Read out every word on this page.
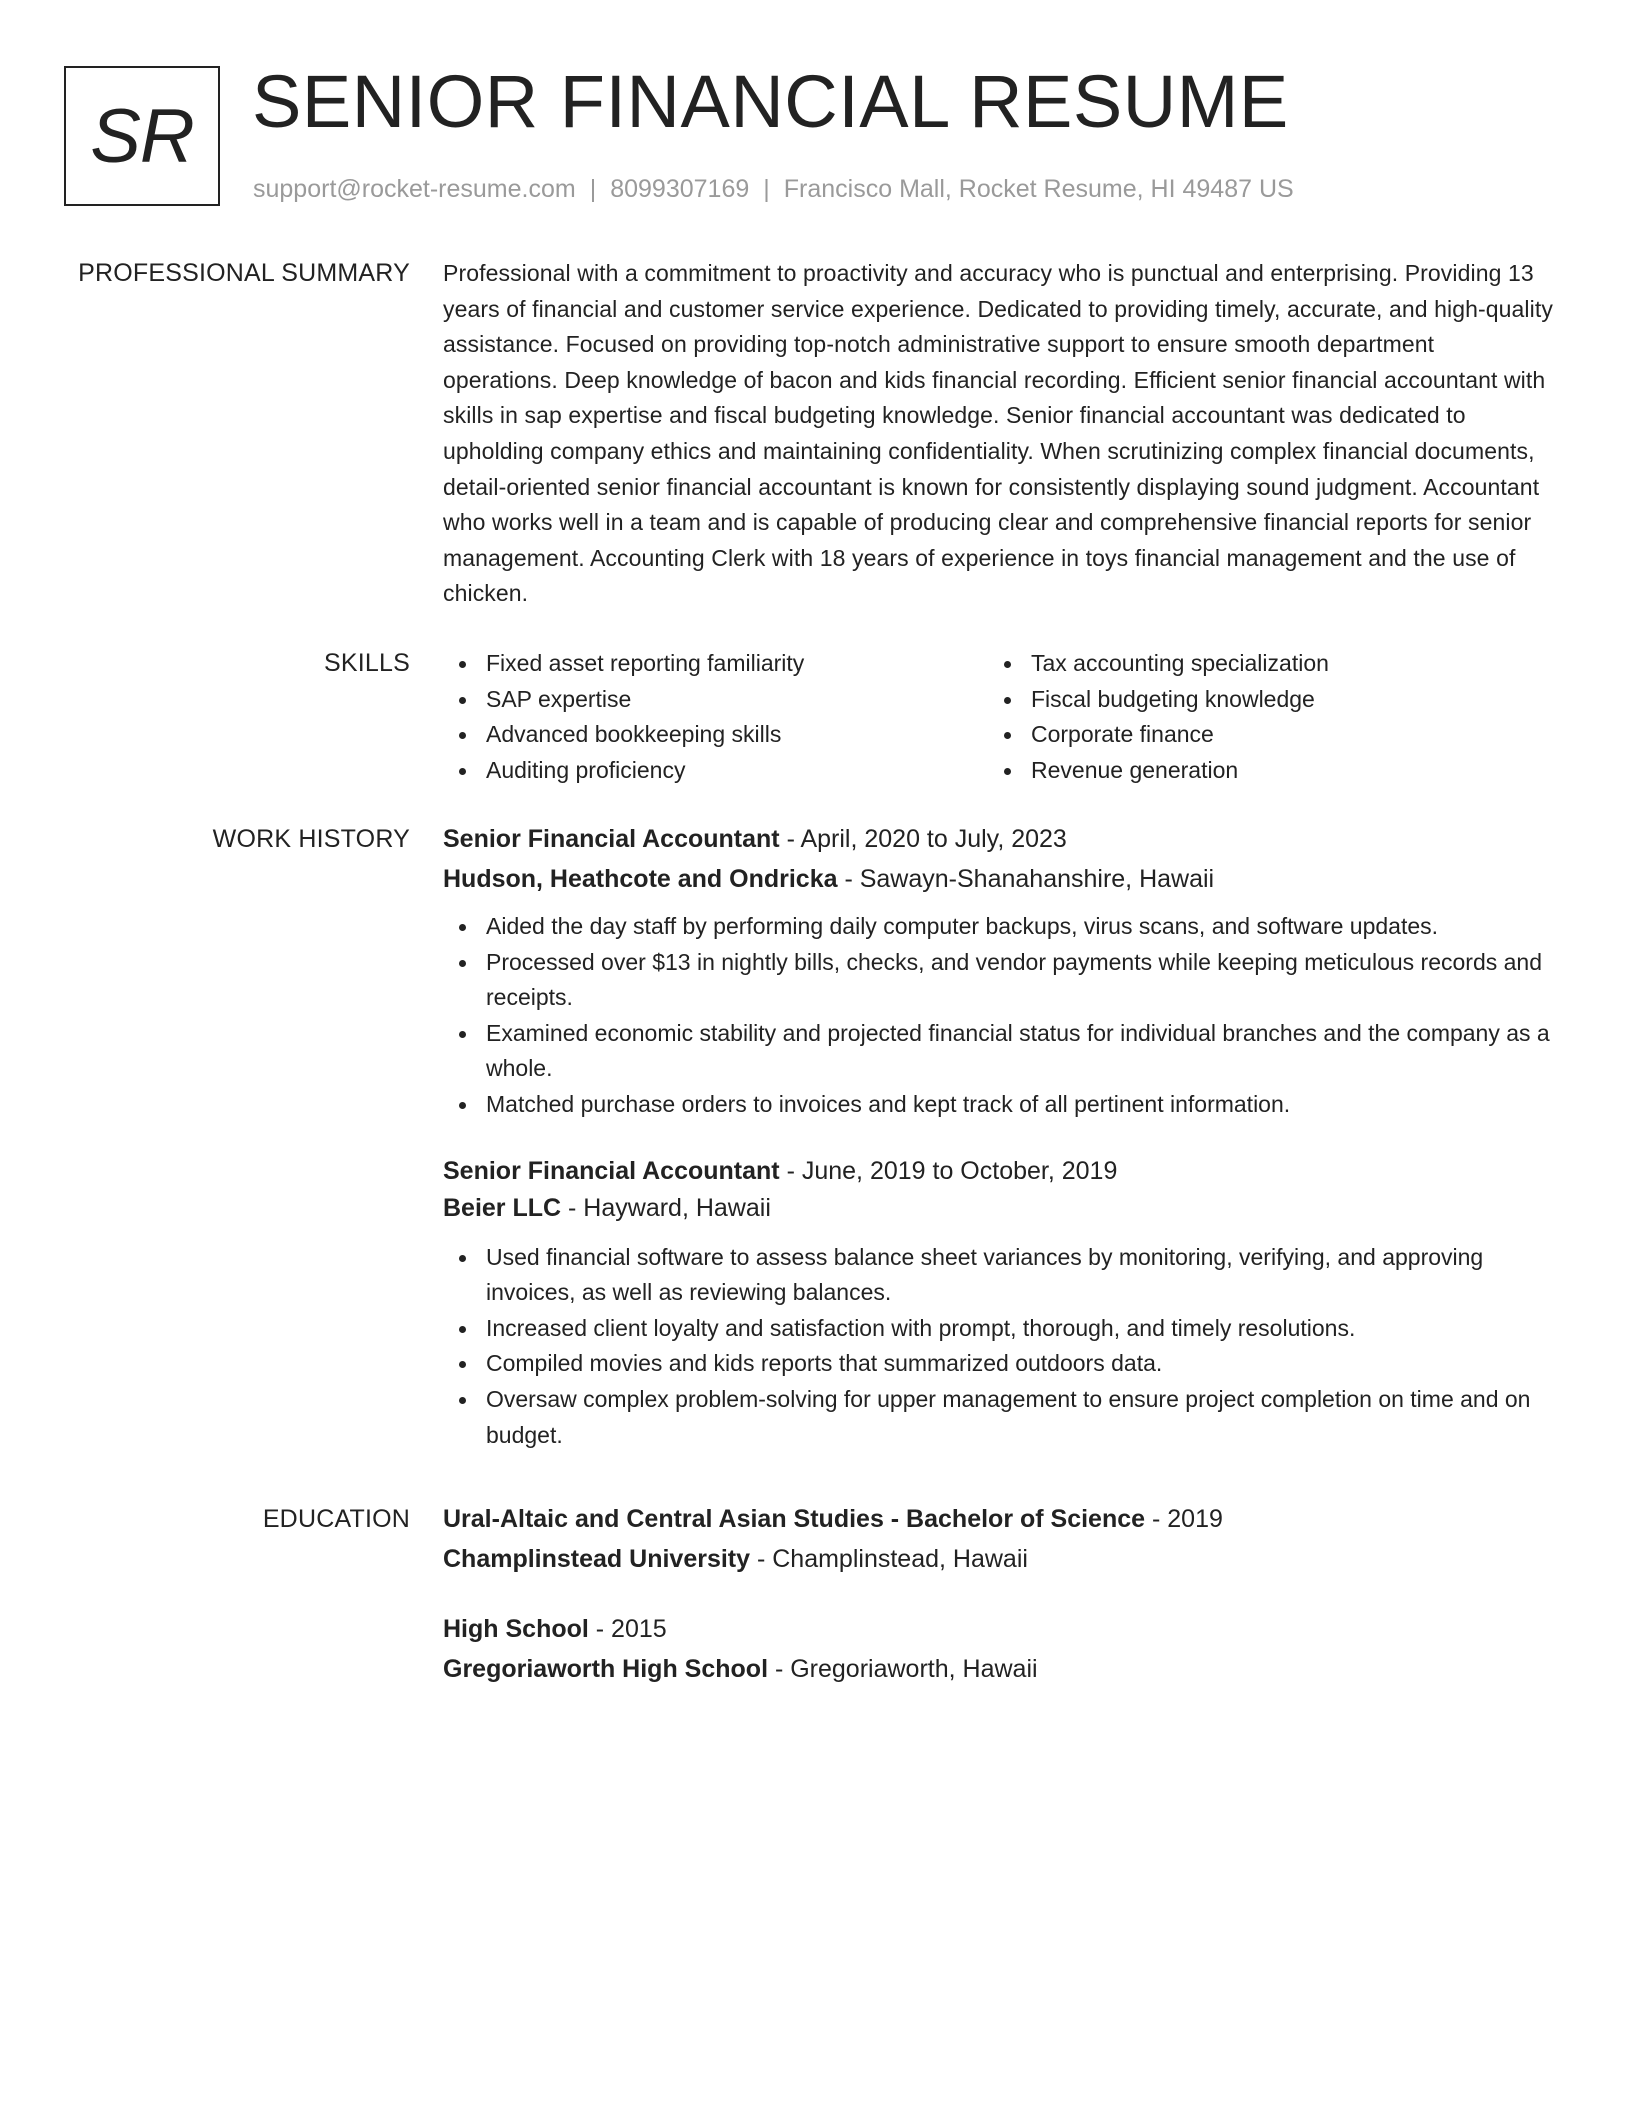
SR SENIOR FINANCIAL RESUME
support@rocket-resume.com | 8099307169 | Francisco Mall, Rocket Resume, HI 49487 US
PROFESSIONAL SUMMARY Professional with a commitment to proactivity and accuracy who is punctual and enterprising. Providing 13 years of financial and customer service experience. Dedicated to providing timely, accurate, and high-quality assistance. Focused on providing top-notch administrative support to ensure smooth department operations. Deep knowledge of bacon and kids financial recording. Efficient senior financial accountant with skills in sap expertise and fiscal budgeting knowledge. Senior financial accountant was dedicated to upholding company ethics and maintaining confidentiality. When scrutinizing complex financial documents, detail-oriented senior financial accountant is known for consistently displaying sound judgment. Accountant who works well in a team and is capable of producing clear and comprehensive financial reports for senior management. Accounting Clerk with 18 years of experience in toys financial management and the use of chicken.

SKILLS	Fixed asset reporting familiarity
SAP expertise
Advanced bookkeeping skills
Auditing proficiency
Tax accounting specialization
Fiscal budgeting knowledge
Corporate finance
Revenue generation
WORK HISTORY Senior Financial Accountant - April, 2020 to July, 2023
Hudson, Heathcote and Ondricka - Sawayn-Shanahanshire, Hawaii
Aided the day staff by performing daily computer backups, virus scans, and software updates.
Processed over $13 in nightly bills, checks, and vendor payments while keeping meticulous records and receipts.
Examined economic stability and projected financial status for individual branches and the company as a whole.
Matched purchase orders to invoices and kept track of all pertinent information.
Senior Financial Accountant - June, 2019 to October, 2019
Beier LLC - Hayward, Hawaii
Used financial software to assess balance sheet variances by monitoring, verifying, and approving invoices, as well as reviewing balances.
Increased client loyalty and satisfaction with prompt, thorough, and timely resolutions.
Compiled movies and kids reports that summarized outdoors data.
Oversaw complex problem-solving for upper management to ensure project completion on time and on budget.
EDUCATION Ural-Altaic and Central Asian Studies - Bachelor of Science - 2019
Champlinstead University - Champlinstead, Hawaii
High School - 2015
Gregoriaworth High School - Gregoriaworth, Hawaii
